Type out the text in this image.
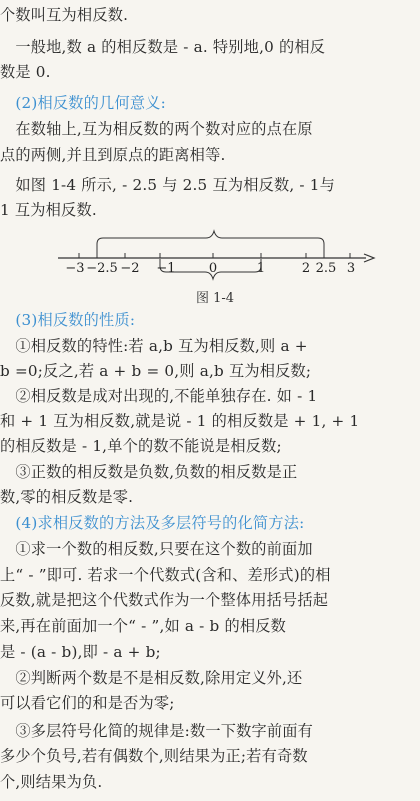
个数叫互为相反数.
　一般地,数 a 的相反数是 - a. 特别地,0 的相反
数是 0.
　(2)相反数的几何意义:
　在数轴上,互为相反数的两个数对应的点在原
点的两侧,并且到原点的距离相等.
　如图 1-4 所示, - 2.5 与 2.5 互为相反数, - 1与
1 互为相反数.
−3 −2.5 −2 −1	0	1	2 2.5 3
图 1-4
　(3)相反数的性质:
　①相反数的特性:若 a,b 互为相反数,则 a +
b =0;反之,若 a + b = 0,则 a,b 互为相反数;
　②相反数是成对出现的,不能单独存在. 如 - 1
和 + 1 互为相反数,就是说 - 1 的相反数是 + 1, + 1
的相反数是 - 1,单个的数不能说是相反数;
　③正数的相反数是负数,负数的相反数是正
数,零的相反数是零.
　(4)求相反数的方法及多层符号的化简方法:
　①求一个数的相反数,只要在这个数的前面加
上“ - ”即可. 若求一个代数式(含和、差形式)的相
反数,就是把这个代数式作为一个整体用括号括起
来,再在前面加一个“ - ”,如 a - b 的相反数
是 - (a - b),即 - a + b;
　②判断两个数是不是相反数,除用定义外,还
可以看它们的和是否为零;
　③多层符号化简的规律是:数一下数字前面有
多少个负号,若有偶数个,则结果为正;若有奇数
个,则结果为负.
